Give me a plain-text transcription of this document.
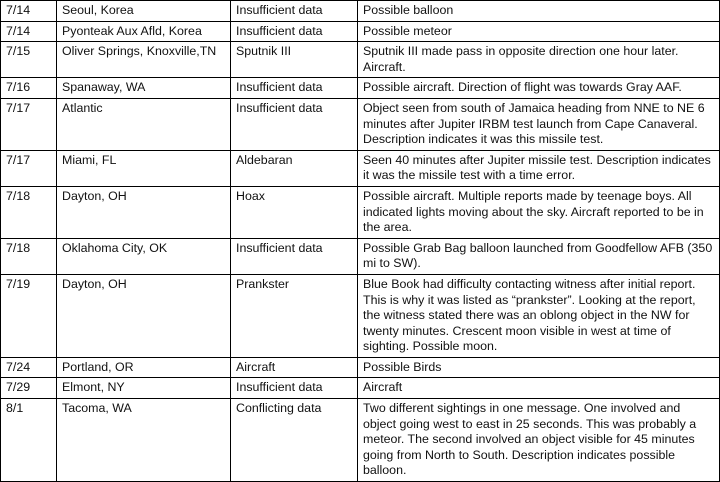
7/14	Seoul, Korea	Insufficient data	Possible balloon
7/14	Pyonteak Aux Afld, Korea	Insufficient data	Possible meteor
7/15	Oliver Springs, Knoxville,TN	Sputnik III	Sputnik III made pass in opposite direction one hour later. Aircraft.
7/16	Spanaway, WA	Insufficient data	Possible aircraft. Direction of flight was towards Gray AAF.
7/17	Atlantic	Insufficient data	Object seen from south of Jamaica heading from NNE to NE 6 minutes after Jupiter IRBM test launch from Cape Canaveral. Description indicates it was this missile test.
7/17	Miami, FL	Aldebaran	Seen 40 minutes after Jupiter missile test. Description indicates it was the missile test with a time error.
7/18	Dayton, OH	Hoax	Possible aircraft. Multiple reports made by teenage boys. All indicated lights moving about the sky. Aircraft reported to be in the area.
7/18	Oklahoma City, OK	Insufficient data	Possible Grab Bag balloon launched from Goodfellow AFB (350 mi to SW).
7/19	Dayton, OH	Prankster	Blue Book had difficulty contacting witness after initial report. This is why it was listed as “prankster”. Looking at the report, the witness stated there was an oblong object in the NW for twenty minutes. Crescent moon visible in west at time of sighting. Possible moon.
7/24	Portland, OR	Aircraft	Possible Birds
7/29	Elmont, NY	Insufficient data	Aircraft
8/1	Tacoma, WA	Conflicting data	Two different sightings in one message. One involved and object going west to east in 25 seconds. This was probably a meteor. The second involved an object visible for 45 minutes going from North to South. Description indicates possible balloon.
